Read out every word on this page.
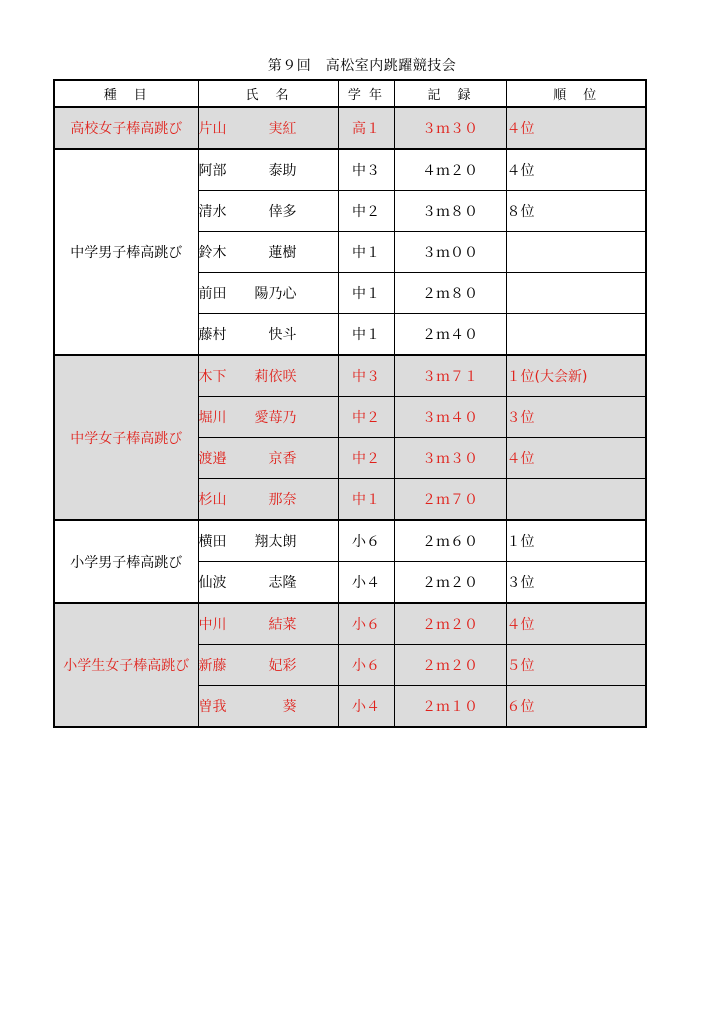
第９回　高松室内跳躍競技会
種　目	氏　名	学 年	記　録	順　位
高校女子棒高跳び	片山 実紅	高１	３ｍ３０	４位
中学男子棒高跳び	阿部 泰助	中３	４ｍ２０	４位
	清水 倖多	中２	３ｍ８０	８位
	鈴木 蓮樹	中１	３ｍ００	
	前田 陽乃心	中１	２ｍ８０	
	藤村 快斗	中１	２ｍ４０	
中学女子棒高跳び	木下 莉依咲	中３	３ｍ７１	１位(大会新)
	堀川 愛苺乃	中２	３ｍ４０	３位
	渡邉 京香	中２	３ｍ３０	４位
	杉山 那奈	中１	２ｍ７０	
小学男子棒高跳び	横田 翔太朗	小６	２ｍ６０	１位
	仙波 志隆	小４	２ｍ２０	３位
小学生女子棒高跳び	中川 結菜	小６	２ｍ２０	４位
	新藤 妃彩	小６	２ｍ２０	５位
	曽我 葵	小４	２ｍ１０	６位
